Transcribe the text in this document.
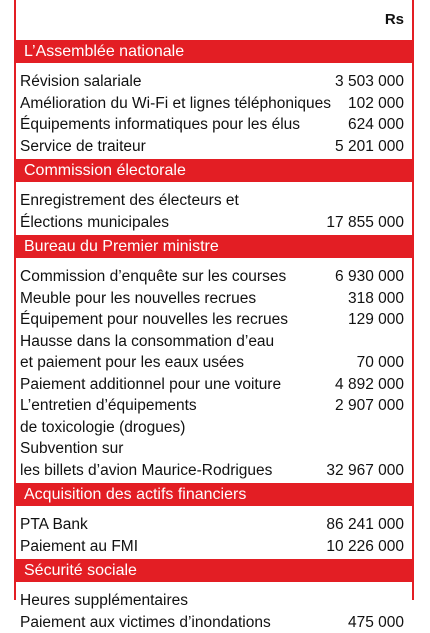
Rs
L’Assemblée nationale
Révision salariale	3 503 000
Amélioration du Wi-Fi et lignes téléphoniques	102 000
Équipements informatiques pour les élus	624 000
Service de traiteur	5 201 000
Commission électorale
Enregistrement des électeurs et
Élections municipales	17 855 000
Bureau du Premier ministre
Commission d’enquête sur les courses	6 930 000
Meuble pour les nouvelles recrues	318 000
Équipement pour nouvelles les recrues	129 000
Hausse dans la consommation d’eau
et paiement pour les eaux usées	70 000
Paiement additionnel pour une voiture	4 892 000
L’entretien d’équipements	2 907 000
de toxicologie (drogues)
Subvention sur
les billets d’avion Maurice-Rodrigues	32 967 000
Acquisition des actifs financiers
PTA Bank	86 241 000
Paiement au FMI	10 226 000
Sécurité sociale
Heures supplémentaires
Paiement aux victimes d’inondations	475 000
